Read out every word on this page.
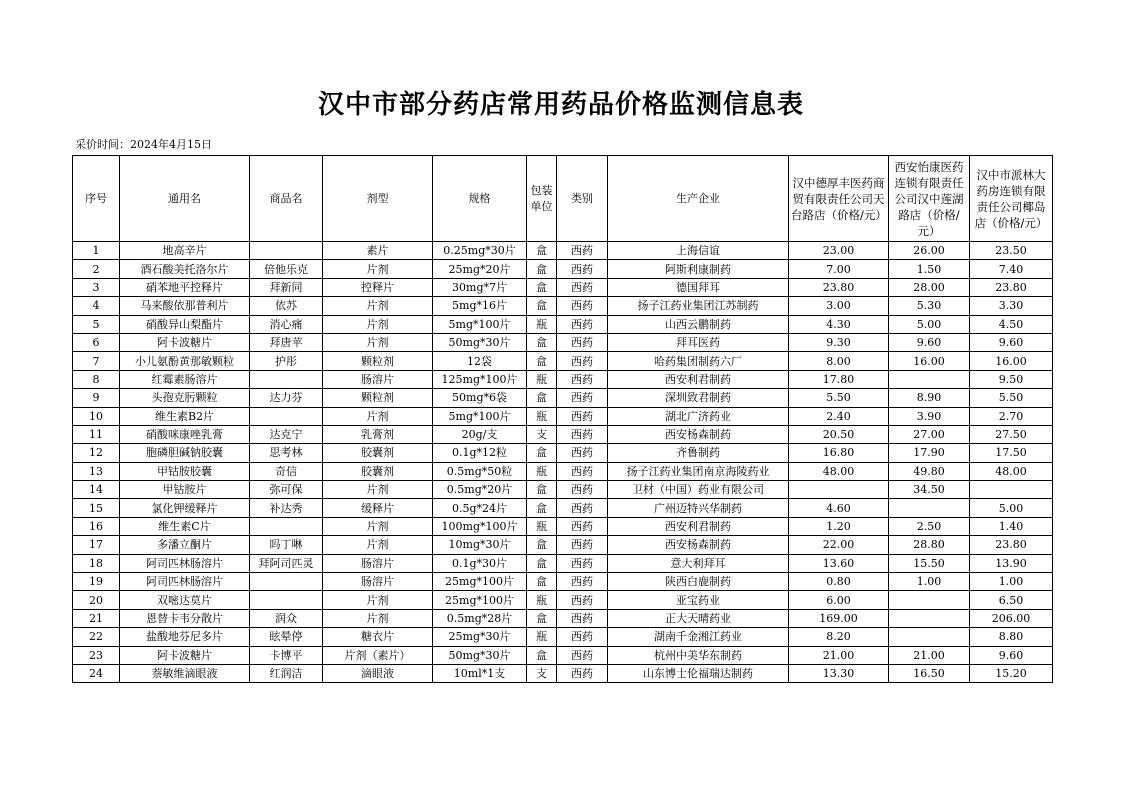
汉中市部分药店常用药品价格监测信息表
采价时间：2024年4月15日
序号	通用名	商品名	剂型	规格	包装单位	类别	生产企业	汉中德厚丰医药商贸有限责任公司天台路店（价格/元）	西安怡康医药连锁有限责任公司汉中莲湖路店（价格/元）	汉中市派林大药房连锁有限责任公司椰岛店（价格/元）
1	地高辛片		素片	0.25mg*30片	盒	西药	上海信谊	23.00	26.00	23.50
2	酒石酸美托洛尔片	倍他乐克	片剂	25mg*20片	盒	西药	阿斯利康制药	7.00	1.50	7.40
3	硝苯地平控释片	拜新同	控释片	30mg*7片	盒	西药	德国拜耳	23.80	28.00	23.80
4	马来酸依那普利片	依苏	片剂	5mg*16片	盒	西药	扬子江药业集团江苏制药	3.00	5.30	3.30
5	硝酸异山梨酯片	消心痛	片剂	5mg*100片	瓶	西药	山西云鹏制药	4.30	5.00	4.50
6	阿卡波糖片	拜唐苹	片剂	50mg*30片	盒	西药	拜耳医药	9.30	9.60	9.60
7	小儿氨酚黄那敏颗粒	护彤	颗粒剂	12袋	盒	西药	哈药集团制药六厂	8.00	16.00	16.00
8	红霉素肠溶片		肠溶片	125mg*100片	瓶	西药	西安利君制药	17.80		9.50
9	头孢克肟颗粒	达力芬	颗粒剂	50mg*6袋	盒	西药	深圳致君制药	5.50	8.90	5.50
10	维生素B2片		片剂	5mg*100片	瓶	西药	湖北广济药业	2.40	3.90	2.70
11	硝酸咪康唑乳膏	达克宁	乳膏剂	20g/支	支	西药	西安杨森制药	20.50	27.00	27.50
12	胞磷胆碱钠胶囊	思考林	胶囊剂	0.1g*12粒	盒	西药	齐鲁制药	16.80	17.90	17.50
13	甲钴胺胶囊	奇信	胶囊剂	0.5mg*50粒	瓶	西药	扬子江药业集团南京海陵药业	48.00	49.80	48.00
14	甲钴胺片	弥可保	片剂	0.5mg*20片	盒	西药	卫材（中国）药业有限公司		34.50	
15	氯化钾缓释片	补达秀	缓释片	0.5g*24片	盒	西药	广州迈特兴华制药	4.60		5.00
16	维生素C片		片剂	100mg*100片	瓶	西药	西安利君制药	1.20	2.50	1.40
17	多潘立酮片	吗丁啉	片剂	10mg*30片	盒	西药	西安杨森制药	22.00	28.80	23.80
18	阿司匹林肠溶片	拜阿司匹灵	肠溶片	0.1g*30片	盒	西药	意大利拜耳	13.60	15.50	13.90
19	阿司匹林肠溶片		肠溶片	25mg*100片	盒	西药	陕西白鹿制药	0.80	1.00	1.00
20	双嘧达莫片		片剂	25mg*100片	瓶	西药	亚宝药业	6.00		6.50
21	恩替卡韦分散片	润众	片剂	0.5mg*28片	盒	西药	正大天晴药业	169.00		206.00
22	盐酸地芬尼多片	眩晕停	糖衣片	25mg*30片	瓶	西药	湖南千金湘江药业	8.20		8.80
23	阿卡波糖片	卡博平	片剂（素片）	50mg*30片	盒	西药	杭州中美华东制药	21.00	21.00	9.60
24	萘敏维滴眼液	红润洁	滴眼液	10ml*1支	支	西药	山东博士伦福瑞达制药	13.30	16.50	15.20
